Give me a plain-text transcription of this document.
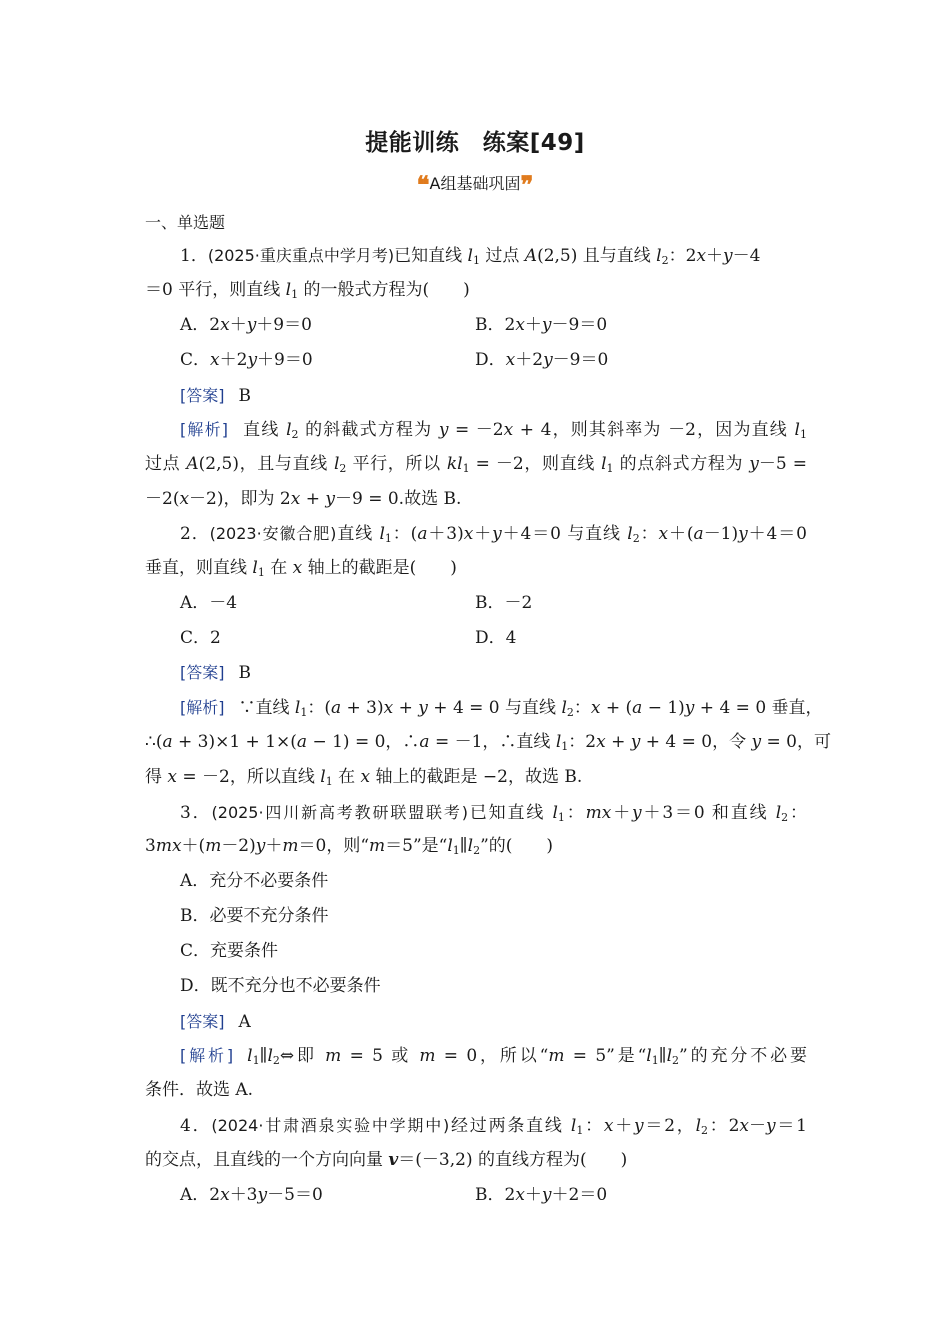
提能训练　练案[49]
❝A组基础巩固❞
一、单选题
1．(2025·重庆重点中学月考)已知直线 $l_1$ 过点 A(2,5) 且与直线 $l_2$：2x＋y－4
＝0 平行，则直线 $l_1$ 的一般式方程为(　　)
A．2x＋y＋9＝0	B．2x＋y－9＝0
C．x＋2y＋9＝0	D．x＋2y－9＝0
[答案] B
[解析] 直线 $l_2$ 的斜截式方程为 y = －2x + 4，则其斜率为 －2，因为直线 $l_1$
过点 A(2,5)，且与直线 $l_2$ 平行，所以 $kl_1 = -2$，则直线 $l_1$ 的点斜式方程为 y－5 =
－2(x－2)，即为 2x + y－9 = 0.故选 B.
2．(2023·安徽合肥)直线 $l_1$：(a＋3)x＋y＋4＝0 与直线 $l_2$：x＋(a－1)y＋4＝0
垂直，则直线 $l_1$ 在 x 轴上的截距是(　　)
A．－4	B．－2
C．2	D．4
[答案] B
[解析] ∵直线 $l_1$：(a + 3)x + y + 4 = 0 与直线 $l_2$：x + (a − 1)y + 4 = 0 垂直，
∴(a + 3)×1 + 1×(a − 1) = 0，∴a = －1，∴直线 $l_1$：2x + y + 4 = 0，令 y = 0，可
得 x = －2，所以直线 $l_1$ 在 x 轴上的截距是 −2，故选 B.
3．(2025·四川新高考教研联盟联考)已知直线 $l_1$：mx＋y＋3＝0 和直线 $l_2$：
3mx＋(m－2)y＋m＝0，则“m＝5”是“$l_1\parallel l_2$”的(　　)
A．充分不必要条件
B．必要不充分条件
C．充要条件
D．既不充分也不必要条件
[答案] A
[解析] $l_1\parallel l_2\Leftrightarrow$即 m = 5 或 m = 0，所以“m = 5”是“$l_1\parallel l_2$”的充分不必要
条件．故选 A.
4．(2024·甘肃酒泉实验中学期中)经过两条直线 $l_1$：x＋y＝2，$l_2$：2x－y＝1
的交点，且直线的一个方向向量 v＝(－3,2) 的直线方程为(　　)
A．2x＋3y－5＝0	B．2x＋y＋2＝0
